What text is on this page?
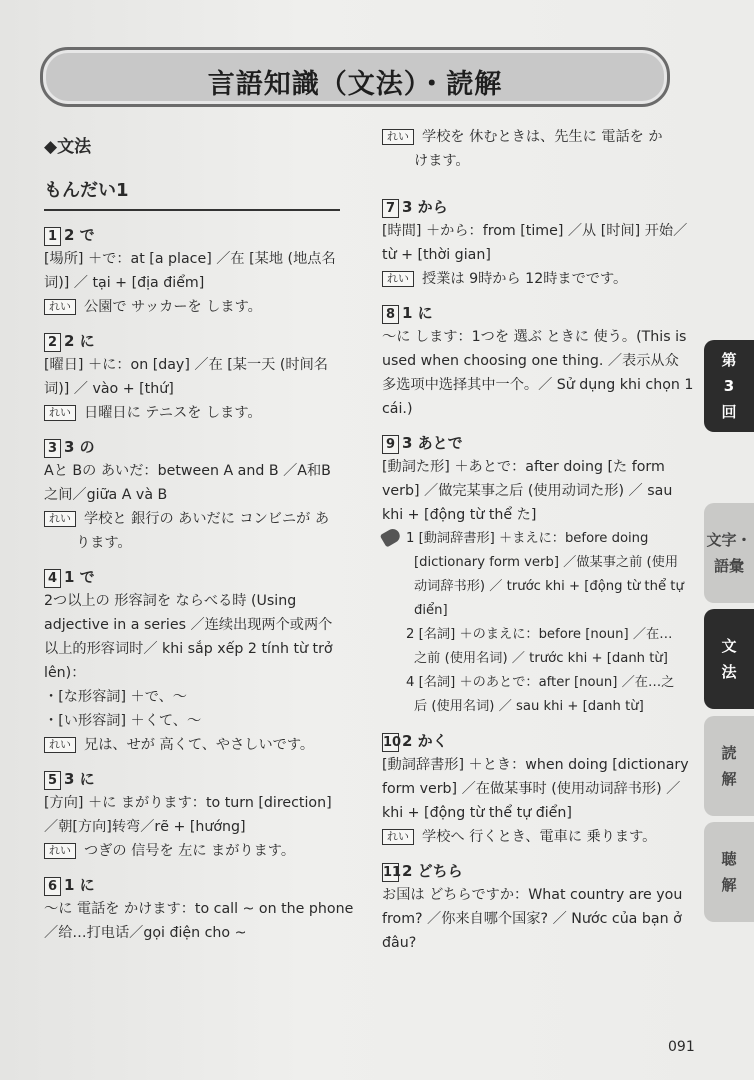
言語知識（文法）・読解
◆文法
もんだい1
1 2 で
[場所] ＋で：at [a place] ／在 [某地 (地点名
词)] ／ tại + [địa điểm]
れい 公園で サッカーを します。
2 2 に
[曜日] ＋に：on [day] ／在 [某一天 (时间名
词)] ／ vào + [thứ]
れい 日曜日に テニスを します。
3 3 の
Aと Bの あいだ：between A and B ／A和B
之间／giữa A và B
れい 学校と 銀行の あいだに コンビニが あ
ります。
4 1 で
2つ以上の 形容詞を ならべる時 (Using
adjective in a series ／连续出现两个或两个
以上的形容词时／ khi sắp xếp 2 tính từ trở
lên)：
・[な形容詞] ＋で、～
・[い形容詞] ＋くて、～
れい 兄は、せが 高くて、やさしいです。
5 3 に
[方向] ＋に まがります：to turn [direction]
／朝[方向]转弯／rẽ + [hướng]
れい つぎの 信号を 左に まがります。
6 1 に
～に 電話を かけます：to call ~ on the phone
／给…打电话／gọi điện cho ~
れい 学校を 休むときは、先生に 電話を か
けます。
7 3 から
[時間] ＋から：from [time] ／从 [时间] 开始／
từ + [thời gian]
れい 授業は 9時から 12時までです。
8 1 に
～に します：1つを 選ぶ ときに 使う。(This is
used when choosing one thing. ／表示从众
多选项中选择其中一个。／ Sử dụng khi chọn 1
cái.)
9 3 あとで
[動詞た形] ＋あとで：after doing [た form
verb] ／做完某事之后 (使用动词た形) ／ sau
khi + [động từ thể た]
1 [動詞辞書形] ＋まえに：before doing
[dictionary form verb] ／做某事之前 (使用
动词辞书形) ／ trước khi + [động từ thể tự
điển]
2 [名詞] ＋のまえに：before [noun] ／在…
之前 (使用名词) ／ trước khi + [danh từ]
4 [名詞] ＋のあとで：after [noun] ／在…之
后 (使用名词) ／ sau khi + [danh từ]
102 かく
[動詞辞書形] ＋とき：when doing [dictionary
form verb] ／在做某事时 (使用动词辞书形) ／
khi + [động từ thể tự điển]
れい 学校へ 行くとき、電車に 乗ります。
112 どちら
お国は どちらですか：What country are you
from? ／你来自哪个国家? ／ Nước của bạn ở
đâu?
第
3
回
文字・
語彙
文
法
読
解
聴
解
091
